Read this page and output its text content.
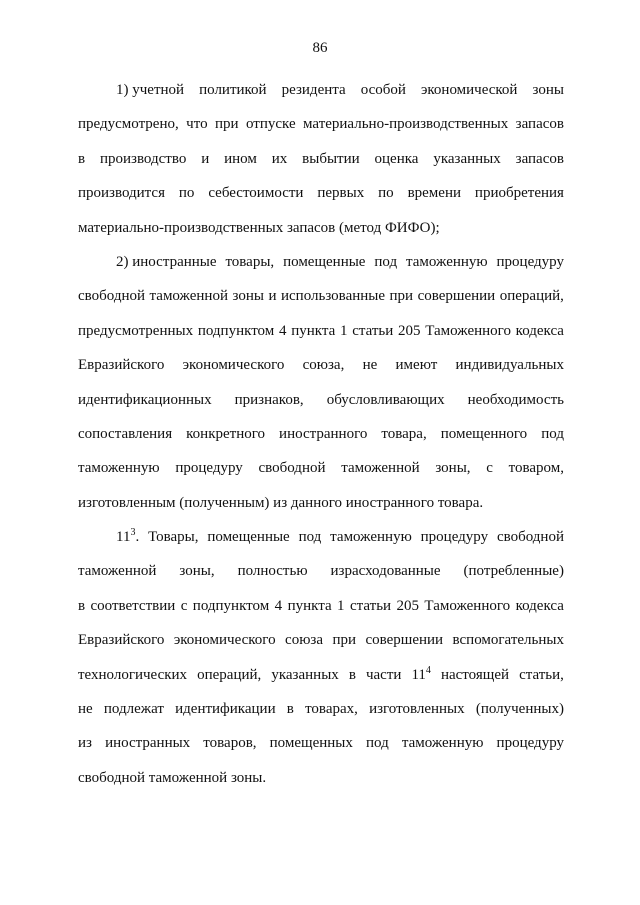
86
1) учетной политикой резидента особой экономической зоны
предусмотрено, что при отпуске материально-производственных запасов
в производство и ином их выбытии оценка указанных запасов
производится по себестоимости первых по времени приобретения
материально-производственных запасов (метод ФИФО);
2) иностранные товары, помещенные под таможенную процедуру
свободной таможенной зоны и использованные при совершении операций,
предусмотренных подпунктом 4 пункта 1 статьи 205 Таможенного кодекса
Евразийского экономического союза, не имеют индивидуальных
идентификационных признаков, обусловливающих необходимость
сопоставления конкретного иностранного товара, помещенного под
таможенную процедуру свободной таможенной зоны, с товаром,
изготовленным (полученным) из данного иностранного товара.
$11^3$. Товары, помещенные под таможенную процедуру свободной
таможенной зоны, полностью израсходованные (потребленные)
в соответствии с подпунктом 4 пункта 1 статьи 205 Таможенного кодекса
Евразийского экономического союза при совершении вспомогательных
технологических операций, указанных в части $11^4$ настоящей статьи,
не подлежат идентификации в товарах, изготовленных (полученных)
из иностранных товаров, помещенных под таможенную процедуру
свободной таможенной зоны.
